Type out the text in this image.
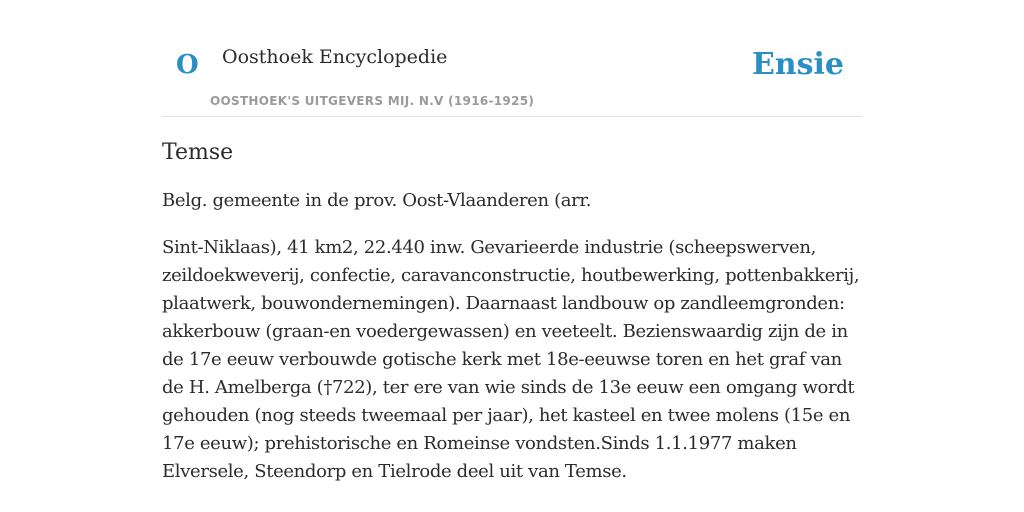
O Oosthoek Encyclopedie
OOSTHOEK'S UITGEVERS MIJ. N.V (1916-1925)
Ensie
Temse

Belg. gemeente in de prov. Oost-Vlaanderen (arr.

Sint-Niklaas), 41 km2, 22.440 inw. Gevarieerde industrie (scheepswerven, zeildoekweverij, confectie, caravanconstructie, houtbewerking, pottenbakkerij, plaatwerk, bouwondernemingen). Daarnaast landbouw op zandleemgronden: akkerbouw (graan-en voedergewassen) en veeteelt. Bezienswaardig zijn de in de 17e eeuw verbouwde gotische kerk met 18e-eeuwse toren en het graf van de H. Amelberga (†722), ter ere van wie sinds de 13e eeuw een omgang wordt gehouden (nog steeds tweemaal per jaar), het kasteel en twee molens (15e en 17e eeuw); prehistorische en Romeinse vondsten.Sinds 1.1.1977 maken Elversele, Steendorp en Tielrode deel uit van Temse.
